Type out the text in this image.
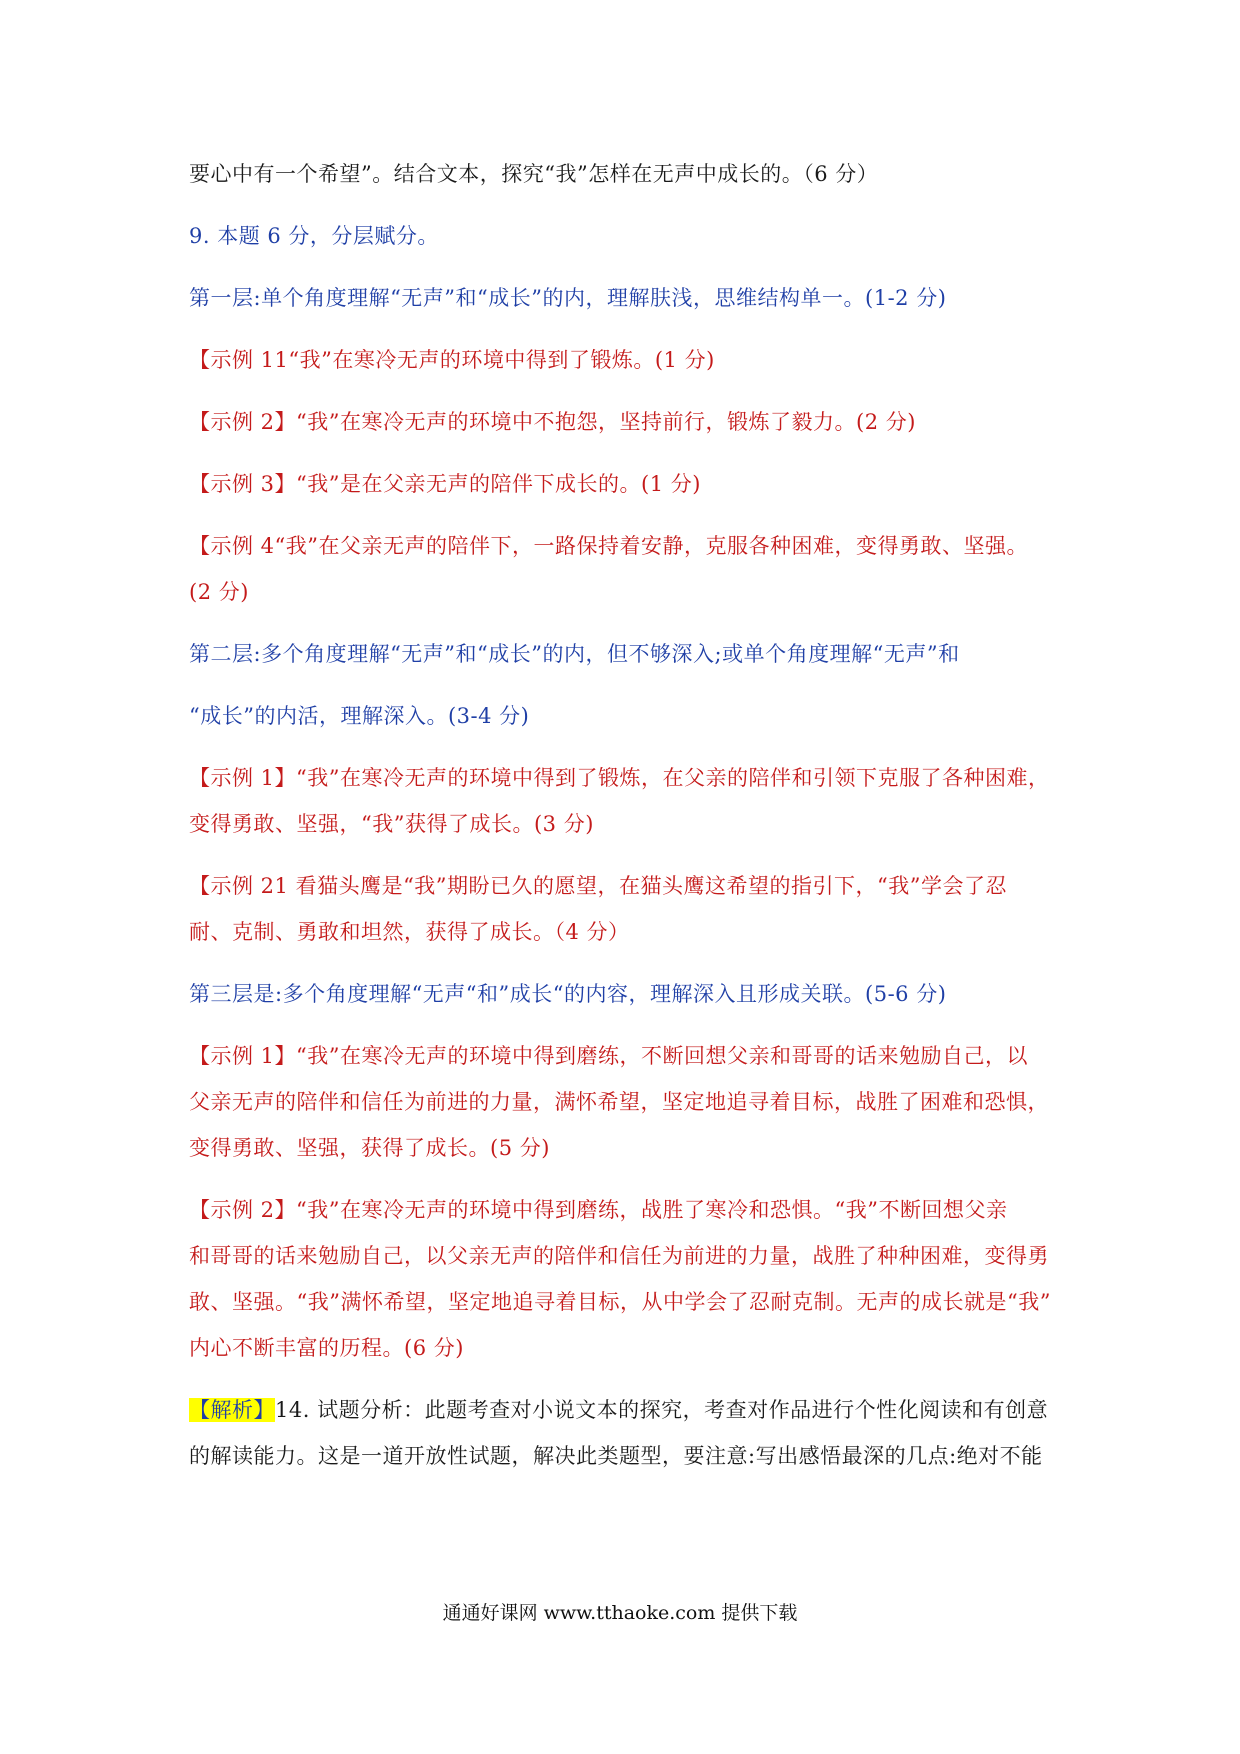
要心中有一个希望”。结合文本，探究“我”怎样在无声中成长的。（6 分）
9. 本题 6 分，分层赋分。
第一层:单个角度理解“无声”和“成长”的内，理解肤浅，思维结构单一。(1-2 分)
【示例 11“我”在寒冷无声的环境中得到了锻炼。(1 分)
【示例 2】“我”在寒冷无声的环境中不抱怨，坚持前行，锻炼了毅力。(2 分)
【示例 3】“我”是在父亲无声的陪伴下成长的。(1 分)
【示例 4“我”在父亲无声的陪伴下，一路保持着安静，克服各种困难，变得勇敢、坚强。
(2 分)
第二层:多个角度理解“无声”和“成长”的内，但不够深入;或单个角度理解“无声”和
“成长”的内活，理解深入。(3-4 分)
【示例 1】“我”在寒冷无声的环境中得到了锻炼，在父亲的陪伴和引领下克服了各种困难，
变得勇敢、坚强，“我”获得了成长。(3 分)
【示例 21 看猫头鹰是“我”期盼已久的愿望，在猫头鹰这希望的指引下，“我”学会了忍
耐、克制、勇敢和坦然，获得了成长。（4 分）
第三层是:多个角度理解“无声“和”成长“的内容，理解深入且形成关联。(5-6 分)
【示例 1】“我”在寒冷无声的环境中得到磨练，不断回想父亲和哥哥的话来勉励自己，以
父亲无声的陪伴和信任为前进的力量，满怀希望，坚定地追寻着目标，战胜了困难和恐惧，
变得勇敢、坚强，获得了成长。(5 分)
【示例 2】“我”在寒冷无声的环境中得到磨练，战胜了寒冷和恐惧。“我”不断回想父亲
和哥哥的话来勉励自己，以父亲无声的陪伴和信任为前进的力量，战胜了种种困难，变得勇
敢、坚强。“我”满怀希望，坚定地追寻着目标，从中学会了忍耐克制。无声的成长就是“我”
内心不断丰富的历程。(6 分)
【解析】14. 试题分析：此题考查对小说文本的探究，考查对作品进行个性化阅读和有创意
的解读能力。这是一道开放性试题，解决此类题型，要注意:写出感悟最深的几点:绝对不能
通通好课网 www.tthaoke.com 提供下载
